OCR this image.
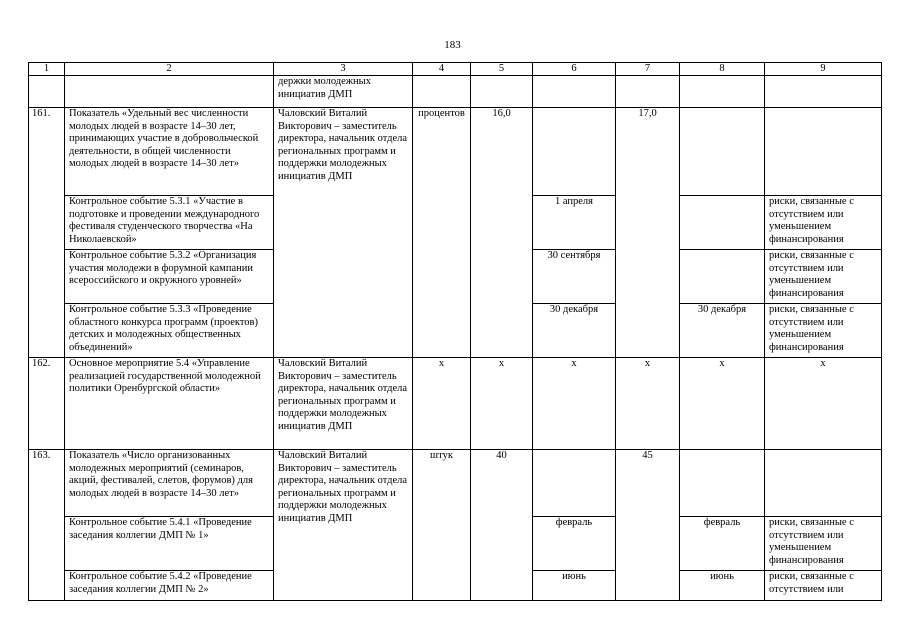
183
1	2	3	4	5	6	7	8	9
		держки молодежных инициатив ДМП						
161.	Показатель «Удельный вес численности молодых людей в возрасте 14–30 лет, принимающих участие в добровольческой деятельности, в общей численности молодых людей в возрасте 14–30 лет»	Чаловский Виталий Викторович – заместитель директора, начальник отдела региональных программ и поддержки молодежных инициатив ДМП	процентов	16,0		17,0		
	Контрольное событие 5.3.1 «Участие в подготовке и проведении международного фестиваля студенческого творчества «На Николаевской»				1 апреля			риски, связанные с отсутствием или уменьшением финансирования
	Контрольное событие 5.3.2 «Организация участия молодежи в форумной кампании всероссийского и окружного уровней»				30 сентября			риски, связанные с отсутствием или уменьшением финансирования
	Контрольное событие 5.3.3 «Проведение областного конкурса программ (проектов) детских и молодежных общественных объединений»				30 декабря		30 декабря	риски, связанные с отсутствием или уменьшением финансирования
162.	Основное мероприятие 5.4 «Управление реализацией государственной молодежной политики Оренбургской области»	Чаловский Виталий Викторович – заместитель директора, начальник отдела региональных программ и поддержки молодежных инициатив ДМП	x	x	x	x	x	x
163.	Показатель «Число организованных молодежных мероприятий (семинаров, акций, фестивалей, слетов, форумов) для молодых людей в возрасте 14–30 лет»	Чаловский Виталий Викторович – заместитель директора, начальник отдела региональных программ и поддержки молодежных инициатив ДМП	штук	40		45		
	Контрольное событие 5.4.1 «Проведение заседания коллегии ДМП № 1»				февраль		февраль	риски, связанные с отсутствием или уменьшением финансирования
	Контрольное событие 5.4.2 «Проведение заседания коллегии ДМП № 2»				июнь		июнь	риски, связанные с отсутствием или
